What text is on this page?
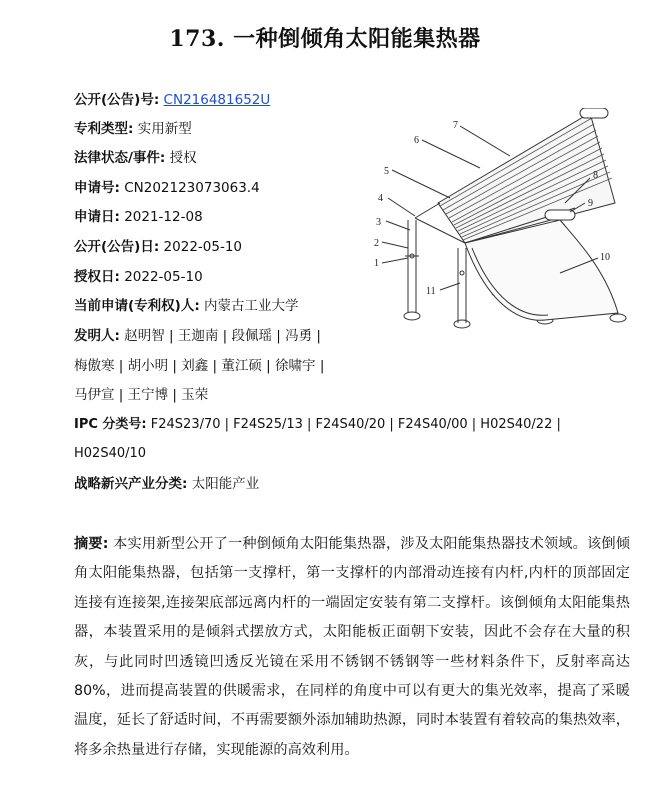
173. 一种倒倾角太阳能集热器
公开(公告)号: CN216481652U
专利类型: 实用新型
法律状态/事件: 授权
申请号: CN202123073063.4
申请日: 2021-12-08
公开(公告)日: 2022-05-10
授权日: 2022-05-10
当前申请(专利权)人: 内蒙古工业大学
发明人: 赵明智 | 王迦南 | 段佩瑶 | 冯勇 |
梅傲寒 | 胡小明 | 刘鑫 | 董江硕 | 徐啸宇 |
马伊宣 | 王宁博 | 玉荣
IPC 分类号: F24S23/70 | F24S25/13 | F24S40/20 | F24S40/00 | H02S40/22 |
H02S40/10
战略新兴产业分类: 太阳能产业
1
2
3
4
5
6
7
8
9
10
11
摘要: 本实用新型公开了一种倒倾角太阳能集热器，涉及太阳能集热器技术领域。该倒倾角太阳能集热器，包括第一支撑杆，第一支撑杆的内部滑动连接有内杆,内杆的顶部固定连接有连接架,连接架底部远离内杆的一端固定安装有第二支撑杆。该倒倾角太阳能集热器，本装置采用的是倾斜式摆放方式，太阳能板正面朝下安装，因此不会存在大量的积灰，与此同时凹透镜凹透反光镜在采用不锈钢不锈钢等一些材料条件下，反射率高达 80%，进而提高装置的供暖需求，在同样的角度中可以有更大的集光效率，提高了采暖温度，延长了舒适时间，不再需要额外添加辅助热源，同时本装置有着较高的集热效率，将多余热量进行存储，实现能源的高效利用。
